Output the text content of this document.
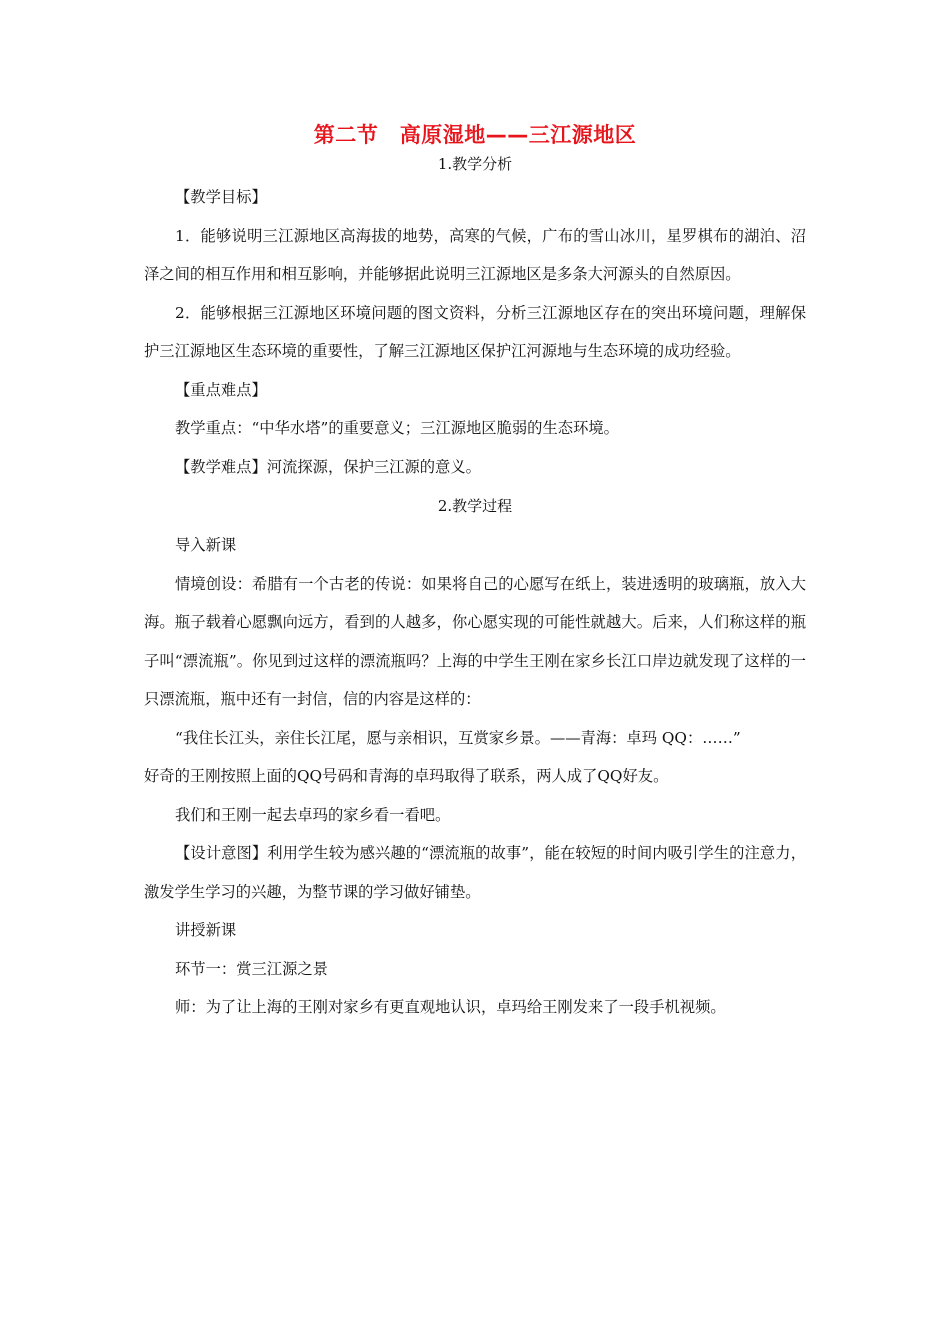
第二节　高原湿地——三江源地区

1.教学分析

【教学目标】

1．能够说明三江源地区高海拔的地势，高寒的气候，广布的雪山冰川，星罗棋布的湖泊、沼泽之间的相互作用和相互影响，并能够据此说明三江源地区是多条大河源头的自然原因。

2．能够根据三江源地区环境问题的图文资料，分析三江源地区存在的突出环境问题，理解保护三江源地区生态环境的重要性，了解三江源地区保护江河源地与生态环境的成功经验。

【重点难点】

教学重点：“中华水塔”的重要意义；三江源地区脆弱的生态环境。

【教学难点】河流探源，保护三江源的意义。

2.教学过程

导入新课

情境创设：希腊有一个古老的传说：如果将自己的心愿写在纸上，装进透明的玻璃瓶，放入大海。瓶子载着心愿飘向远方，看到的人越多，你心愿实现的可能性就越大。后来，人们称这样的瓶子叫“漂流瓶”。你见到过这样的漂流瓶吗？上海的中学生王刚在家乡长江口岸边就发现了这样的一只漂流瓶，瓶中还有一封信，信的内容是这样的：

“我住长江头，亲住长江尾，愿与亲相识，互赏家乡景。——青海：卓玛 QQ：……”

好奇的王刚按照上面的QQ号码和青海的卓玛取得了联系，两人成了QQ好友。

我们和王刚一起去卓玛的家乡看一看吧。

【设计意图】利用学生较为感兴趣的“漂流瓶的故事”，能在较短的时间内吸引学生的注意力，激发学生学习的兴趣，为整节课的学习做好铺垫。

讲授新课

环节一：赏三江源之景

师：为了让上海的王刚对家乡有更直观地认识，卓玛给王刚发来了一段手机视频。
